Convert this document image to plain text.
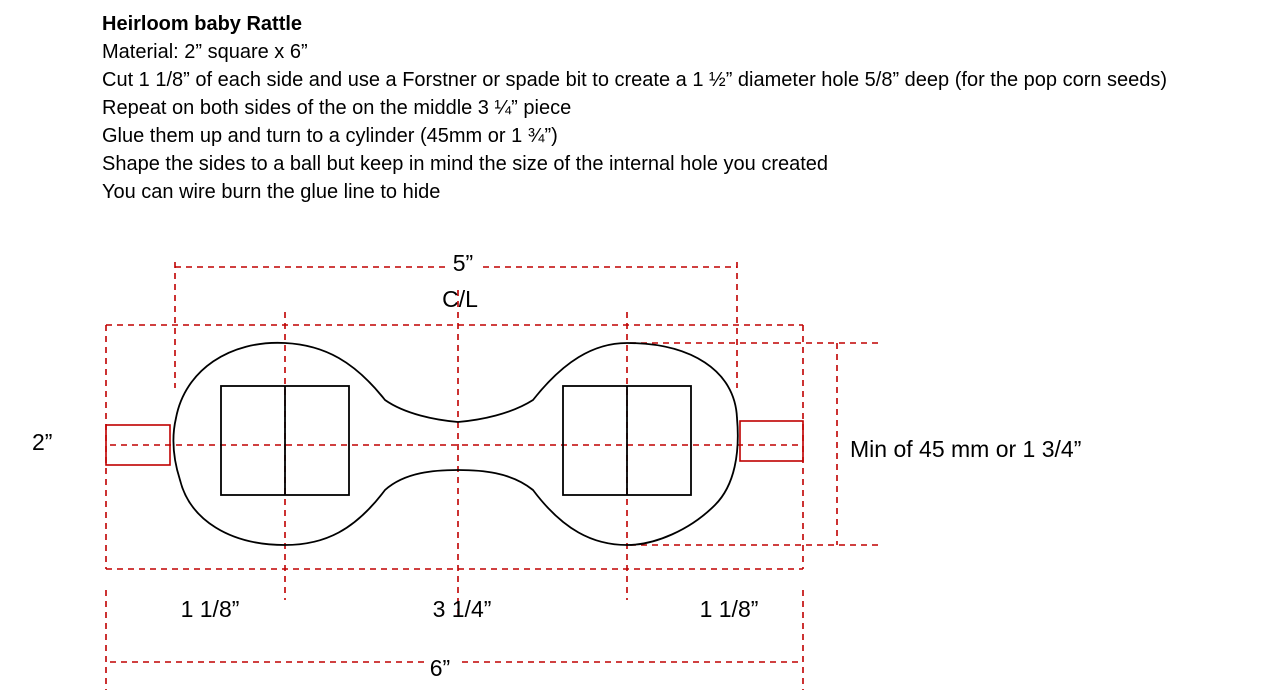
Heirloom baby Rattle
Material: 2” square x 6”
Cut 1 1/8” of each side and use a Forstner or spade bit to create a 1 ½” diameter hole 5/8” deep (for the pop corn seeds)
Repeat on both sides of the on the middle 3 ¼” piece
Glue them up and turn to a cylinder (45mm or 1 ¾”)
Shape the sides to a ball but keep in mind the size of the internal hole you created
You can wire burn the glue line to hide
5”
C/L
2”	Min of 45 mm or 1 3/4”
1 1/8”	3 1/4”	1 1/8”
6”
